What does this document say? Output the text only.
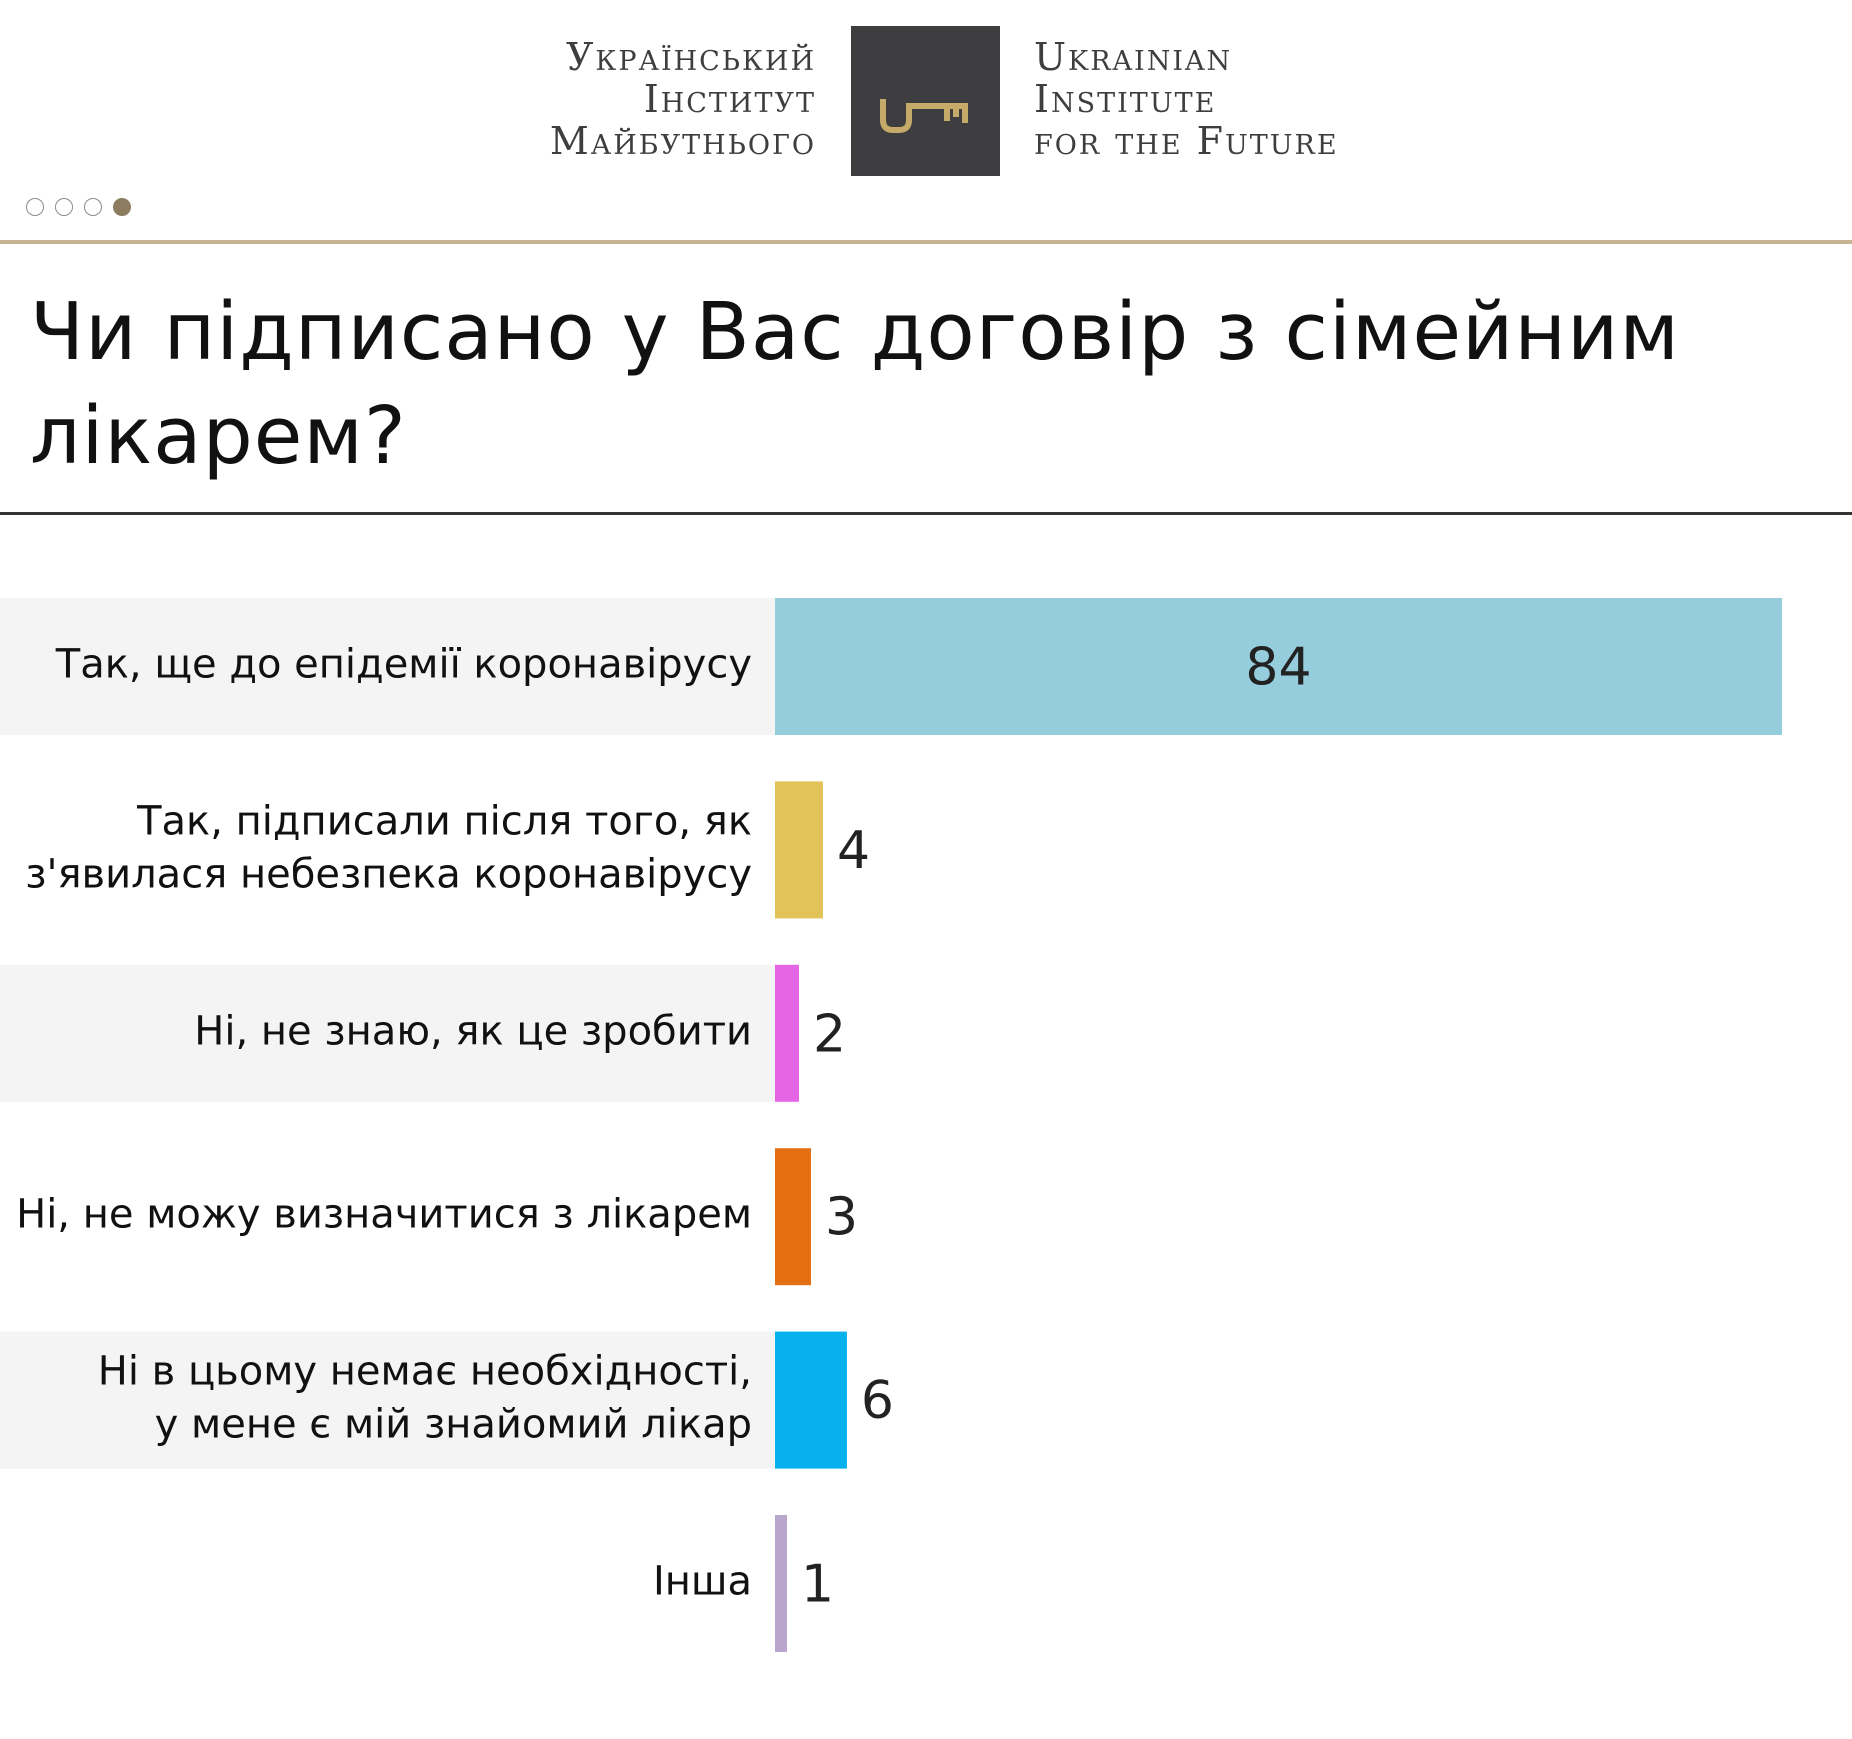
Український
Інститут
Майбутнього
Ukrainian
Institute
for the Future
Чи підписано у Вас договір з сімейним лікарем?
Так, ще до епідемії коронавірусу	84
Так, підписали після того, як
з'явилася небезпека коронавірусу 4
Ні, не знаю, як це зробити 2
Ні, не можу визначитися з лікарем 3
Ні в цьому немає необхідності,
у мене є мій знайомий лікар 6
Інша 1
